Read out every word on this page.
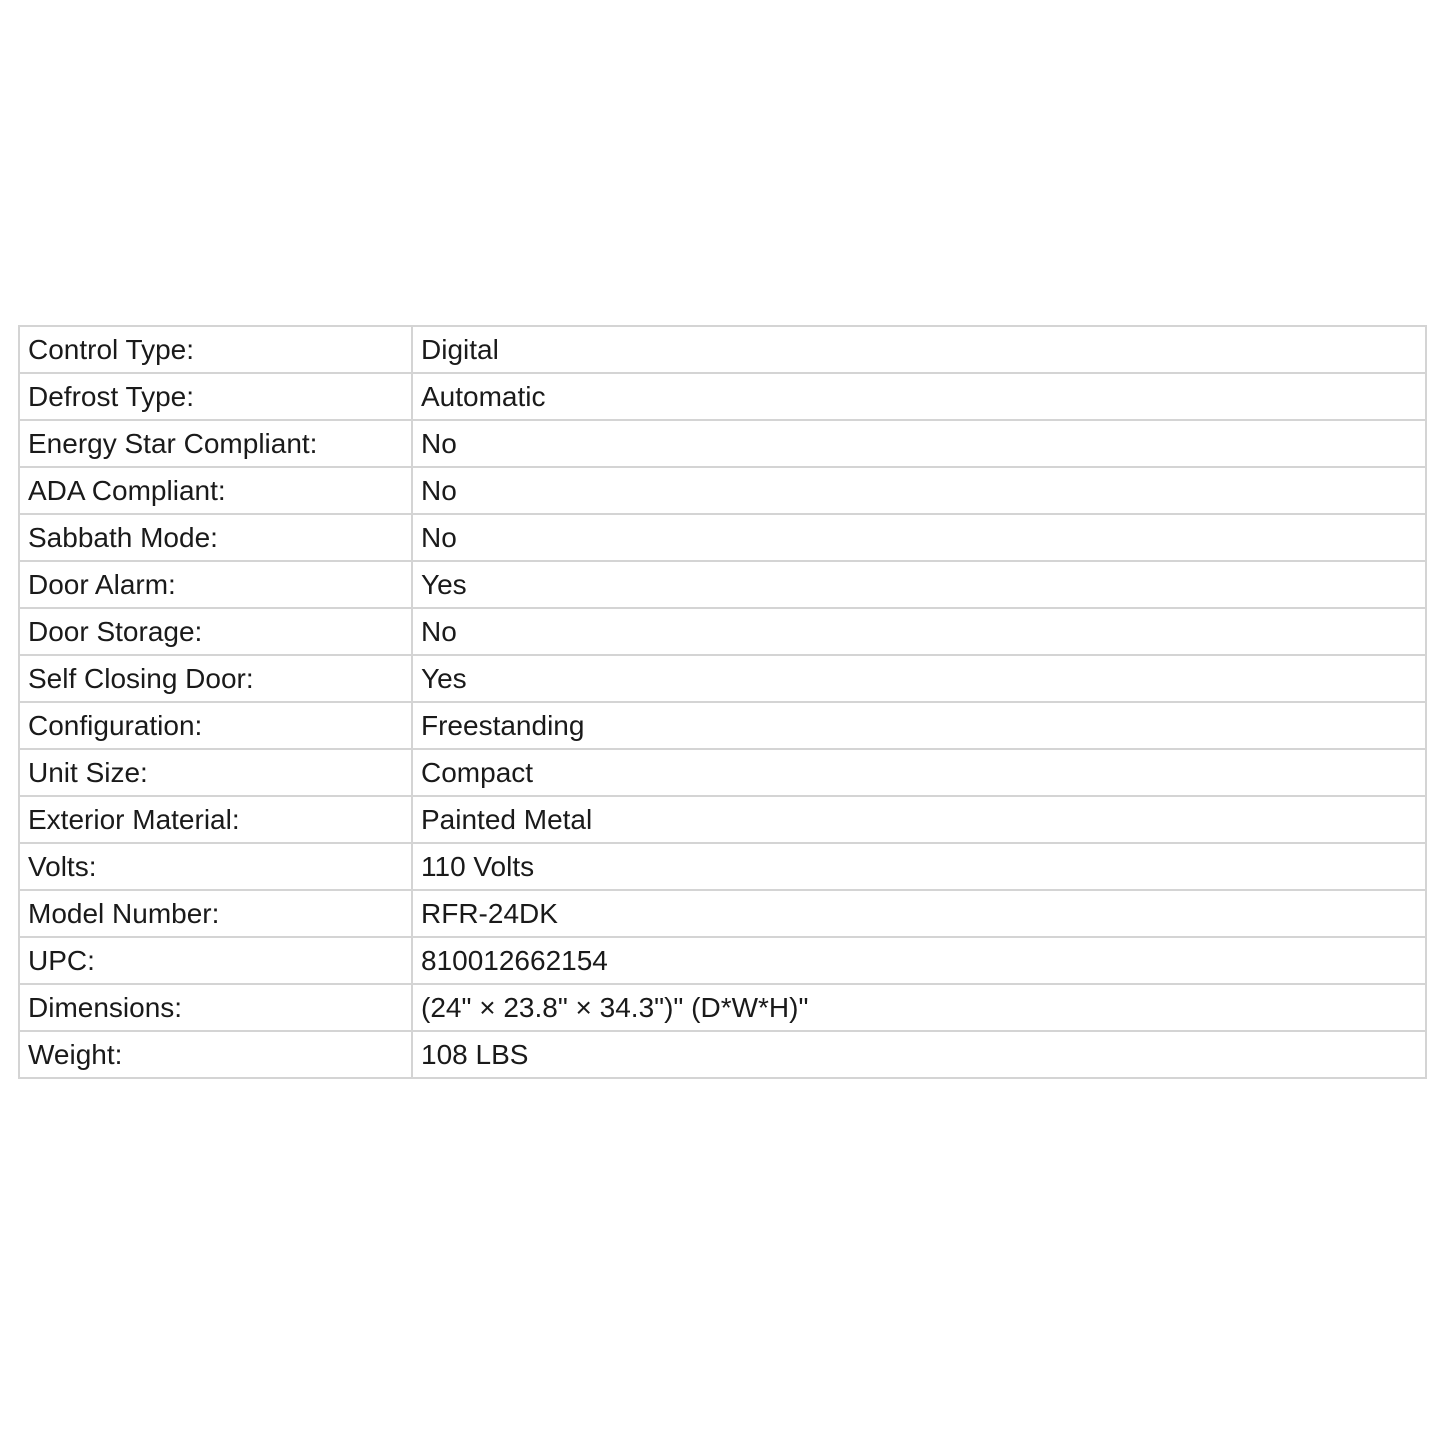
Control Type:	Digital
Defrost Type:	Automatic
Energy Star Compliant:	No
ADA Compliant:	No
Sabbath Mode:	No
Door Alarm:	Yes
Door Storage:	No
Self Closing Door:	Yes
Configuration:	Freestanding
Unit Size:	Compact
Exterior Material:	Painted Metal
Volts:	110 Volts
Model Number:	RFR-24DK
UPC:	810012662154
Dimensions:	(24" × 23.8" × 34.3")" (D*W*H)"
Weight:	108 LBS
